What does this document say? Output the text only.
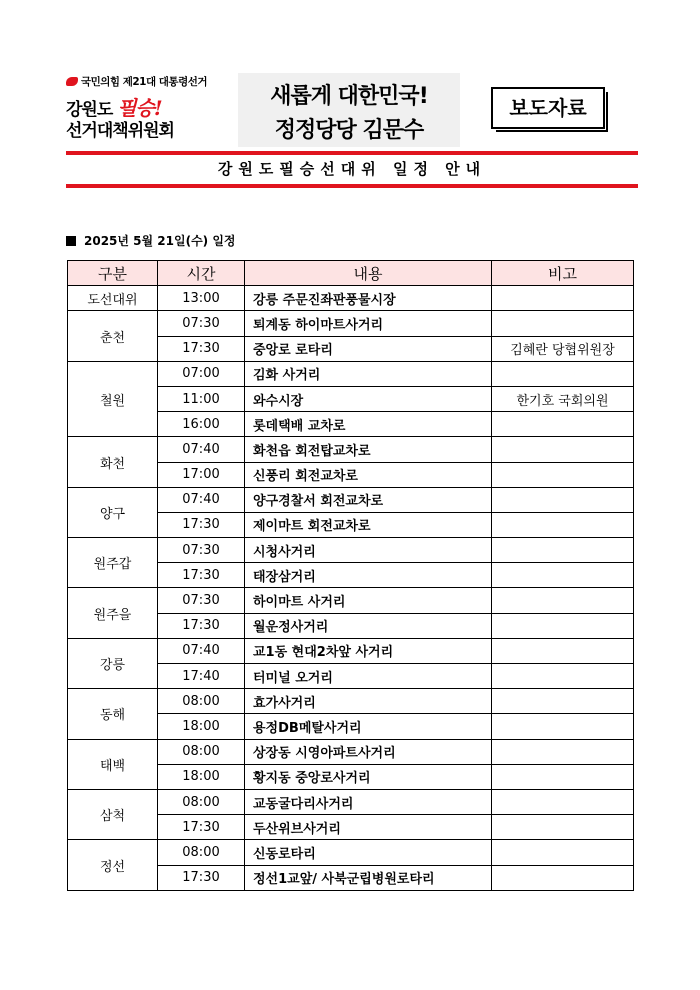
국민의힘 제21대 대통령선거
강원도 필승!
선거대책위원회
새롭게 대한민국!
정정당당 김문수
보도자료
강원도필승선대위 일정 안내
2025년 5월 21일(수) 일정
구분	시간	내용	비고
도선대위	13:00	강릉 주문진좌판풍물시장	
춘천	07:30	퇴계동 하이마트사거리	
	17:30	중앙로 로타리	김혜란 당협위원장
철원	07:00	김화 사거리	
	11:00	와수시장	한기호 국회의원
	16:00	롯데택배 교차로	
화천	07:40	화천읍 회전탑교차로	
	17:00	신풍리 회전교차로	
양구	07:40	양구경찰서 회전교차로	
	17:30	제이마트 회전교차로	
원주갑	07:30	시청사거리	
	17:30	태장삼거리	
원주을	07:30	하이마트 사거리	
	17:30	월운정사거리	
강릉	07:40	교1동 현대2차앞 사거리	
	17:40	터미널 오거리	
동해	08:00	효가사거리	
	18:00	용정DB메탈사거리	
태백	08:00	상장동 시영아파트사거리	
	18:00	황지동 중앙로사거리	
삼척	08:00	교동굴다리사거리	
	17:30	두산위브사거리	
정선	08:00	신동로타리	
	17:30	정선1교앞/ 사북군립병원로타리	
